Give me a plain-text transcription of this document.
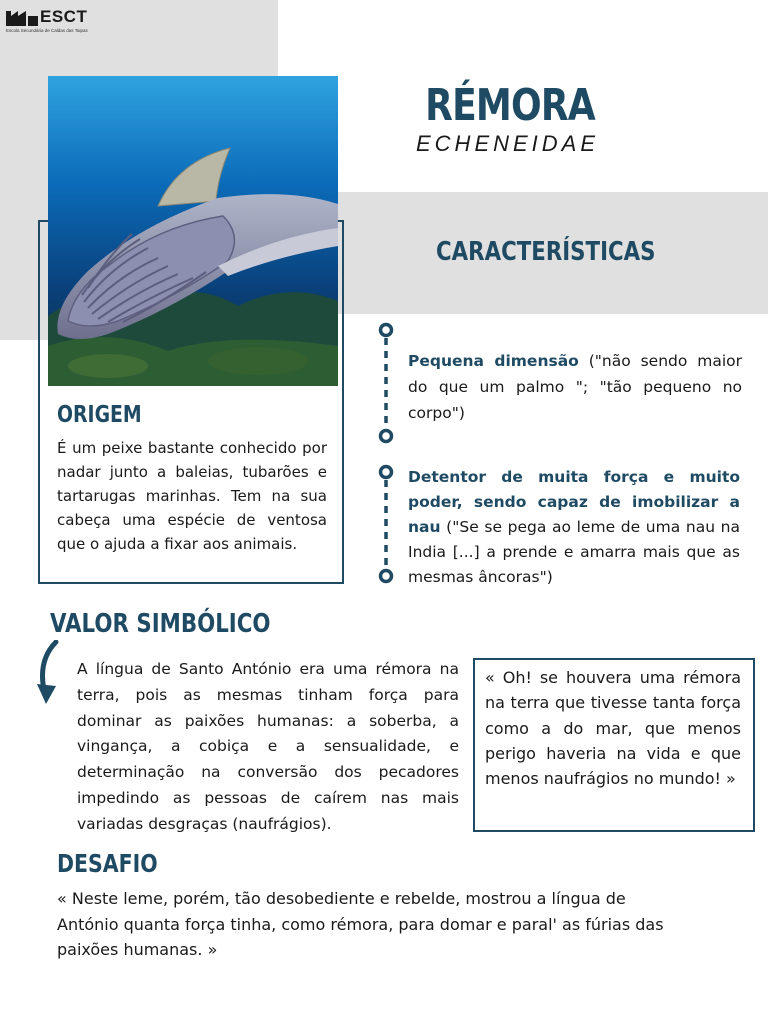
ESCT
Escola Secundária de Caldas das Taipas
RÉMORA
ECHENEIDAE
CARACTERÍSTICAS
Pequena dimensão ("não sendo maior do que um palmo "; "tão pequeno no corpo")
Detentor de muita força e muito poder, sendo capaz de imobilizar a nau ("Se se pega ao leme de uma nau na India [...] a prende e amarra mais que as mesmas âncoras")
ORIGEM
É um peixe bastante conhecido por nadar junto a baleias, tubarões e tartarugas marinhas. Tem na sua cabeça uma espécie de ventosa que o ajuda a fixar aos animais.
VALOR SIMBÓLICO
A língua de Santo António era uma rémora na terra, pois as mesmas tinham força para dominar as paixões humanas: a soberba, a vingança, a cobiça e a sensualidade, e determinação na conversão dos pecadores impedindo as pessoas de caírem nas mais variadas desgraças (naufrágios).
« Oh! se houvera uma rémora na terra que tivesse tanta força como a do mar, que menos perigo haveria na vida e que menos naufrágios no mundo! »
DESAFIO
« Neste leme, porém, tão desobediente e rebelde, mostrou a língua de António quanta força tinha, como rémora, para domar e paral' as fúrias das paixões humanas. »
